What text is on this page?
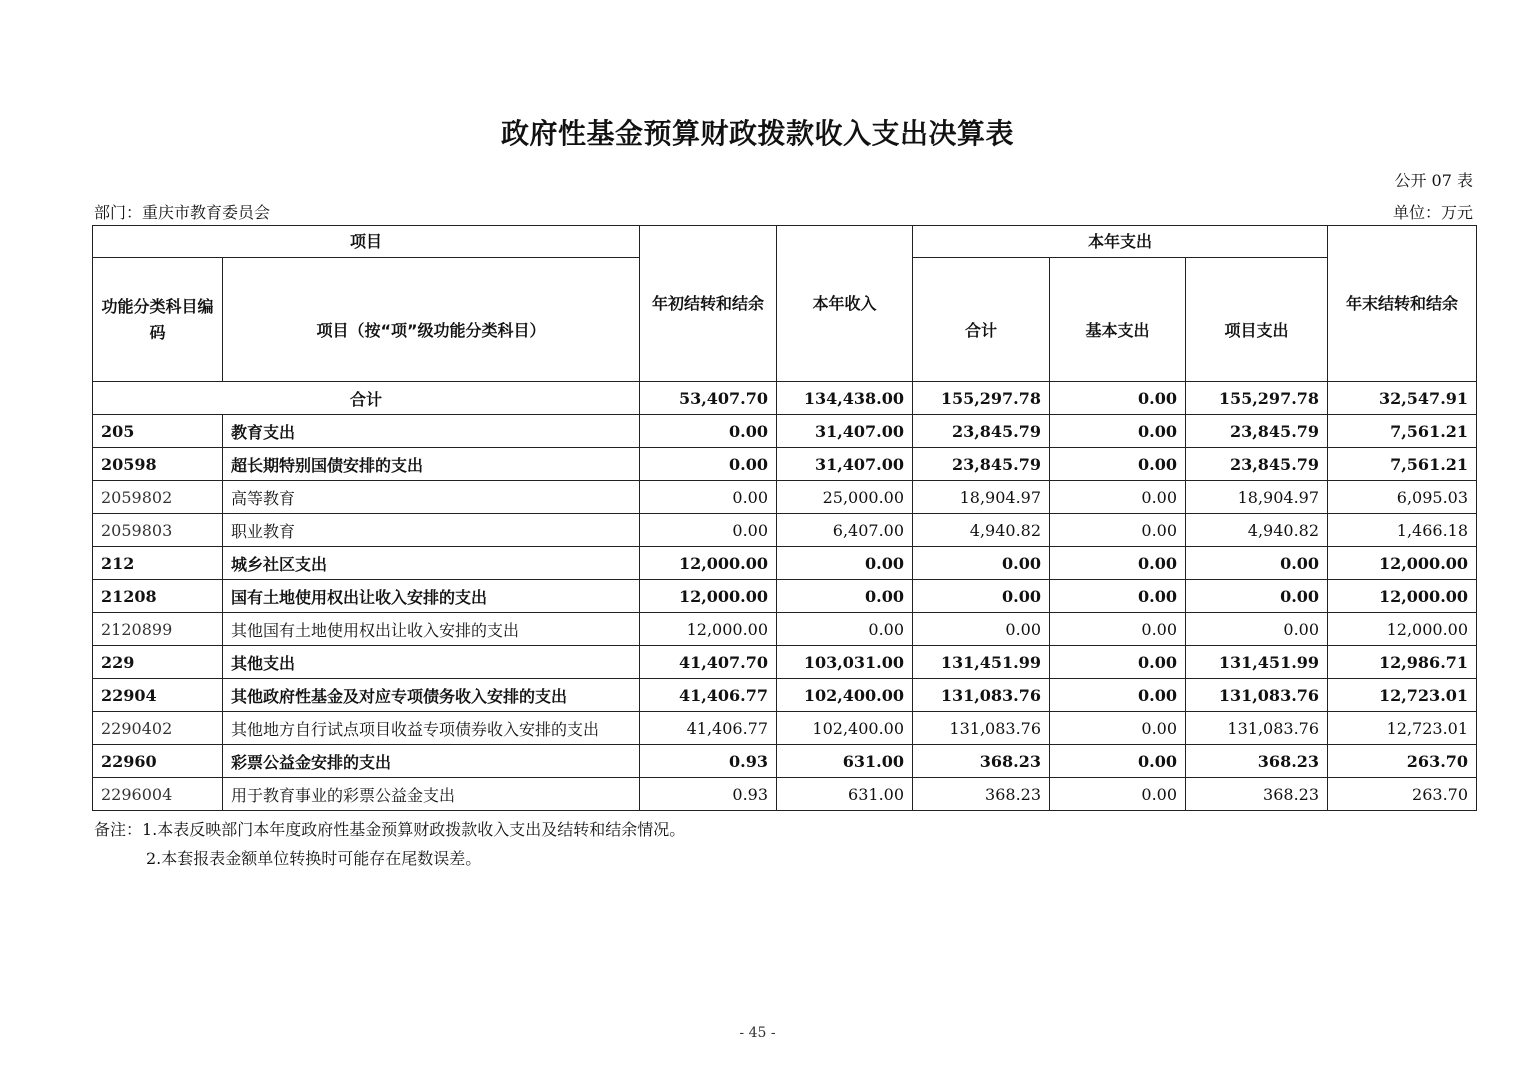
政府性基金预算财政拨款收入支出决算表
公开 07 表
部门：重庆市教育委员会	单位：万元
项目		年初结转和结余	本年收入	本年支出			年末结转和结余
功能分类科目编码	项目（按“项”级功能分类科目）			合计	基本支出	项目支出	
合计		53,407.70	134,438.00	155,297.78	0.00	155,297.78	32,547.91
205	教育支出	0.00	31,407.00	23,845.79	0.00	23,845.79	7,561.21
20598	超长期特别国债安排的支出	0.00	31,407.00	23,845.79	0.00	23,845.79	7,561.21
2059802	高等教育	0.00	25,000.00	18,904.97	0.00	18,904.97	6,095.03
2059803	职业教育	0.00	6,407.00	4,940.82	0.00	4,940.82	1,466.18
212	城乡社区支出	12,000.00	0.00	0.00	0.00	0.00	12,000.00
21208	国有土地使用权出让收入安排的支出	12,000.00	0.00	0.00	0.00	0.00	12,000.00
2120899	其他国有土地使用权出让收入安排的支出	12,000.00	0.00	0.00	0.00	0.00	12,000.00
229	其他支出	41,407.70	103,031.00	131,451.99	0.00	131,451.99	12,986.71
22904	其他政府性基金及对应专项债务收入安排的支出	41,406.77	102,400.00	131,083.76	0.00	131,083.76	12,723.01
2290402	其他地方自行试点项目收益专项债券收入安排的支出	41,406.77	102,400.00	131,083.76	0.00	131,083.76	12,723.01
22960	彩票公益金安排的支出	0.93	631.00	368.23	0.00	368.23	263.70
2296004	用于教育事业的彩票公益金支出	0.93	631.00	368.23	0.00	368.23	263.70
备注：1.本表反映部门本年度政府性基金预算财政拨款收入支出及结转和结余情况。
2.本套报表金额单位转换时可能存在尾数误差。
- 45 -
